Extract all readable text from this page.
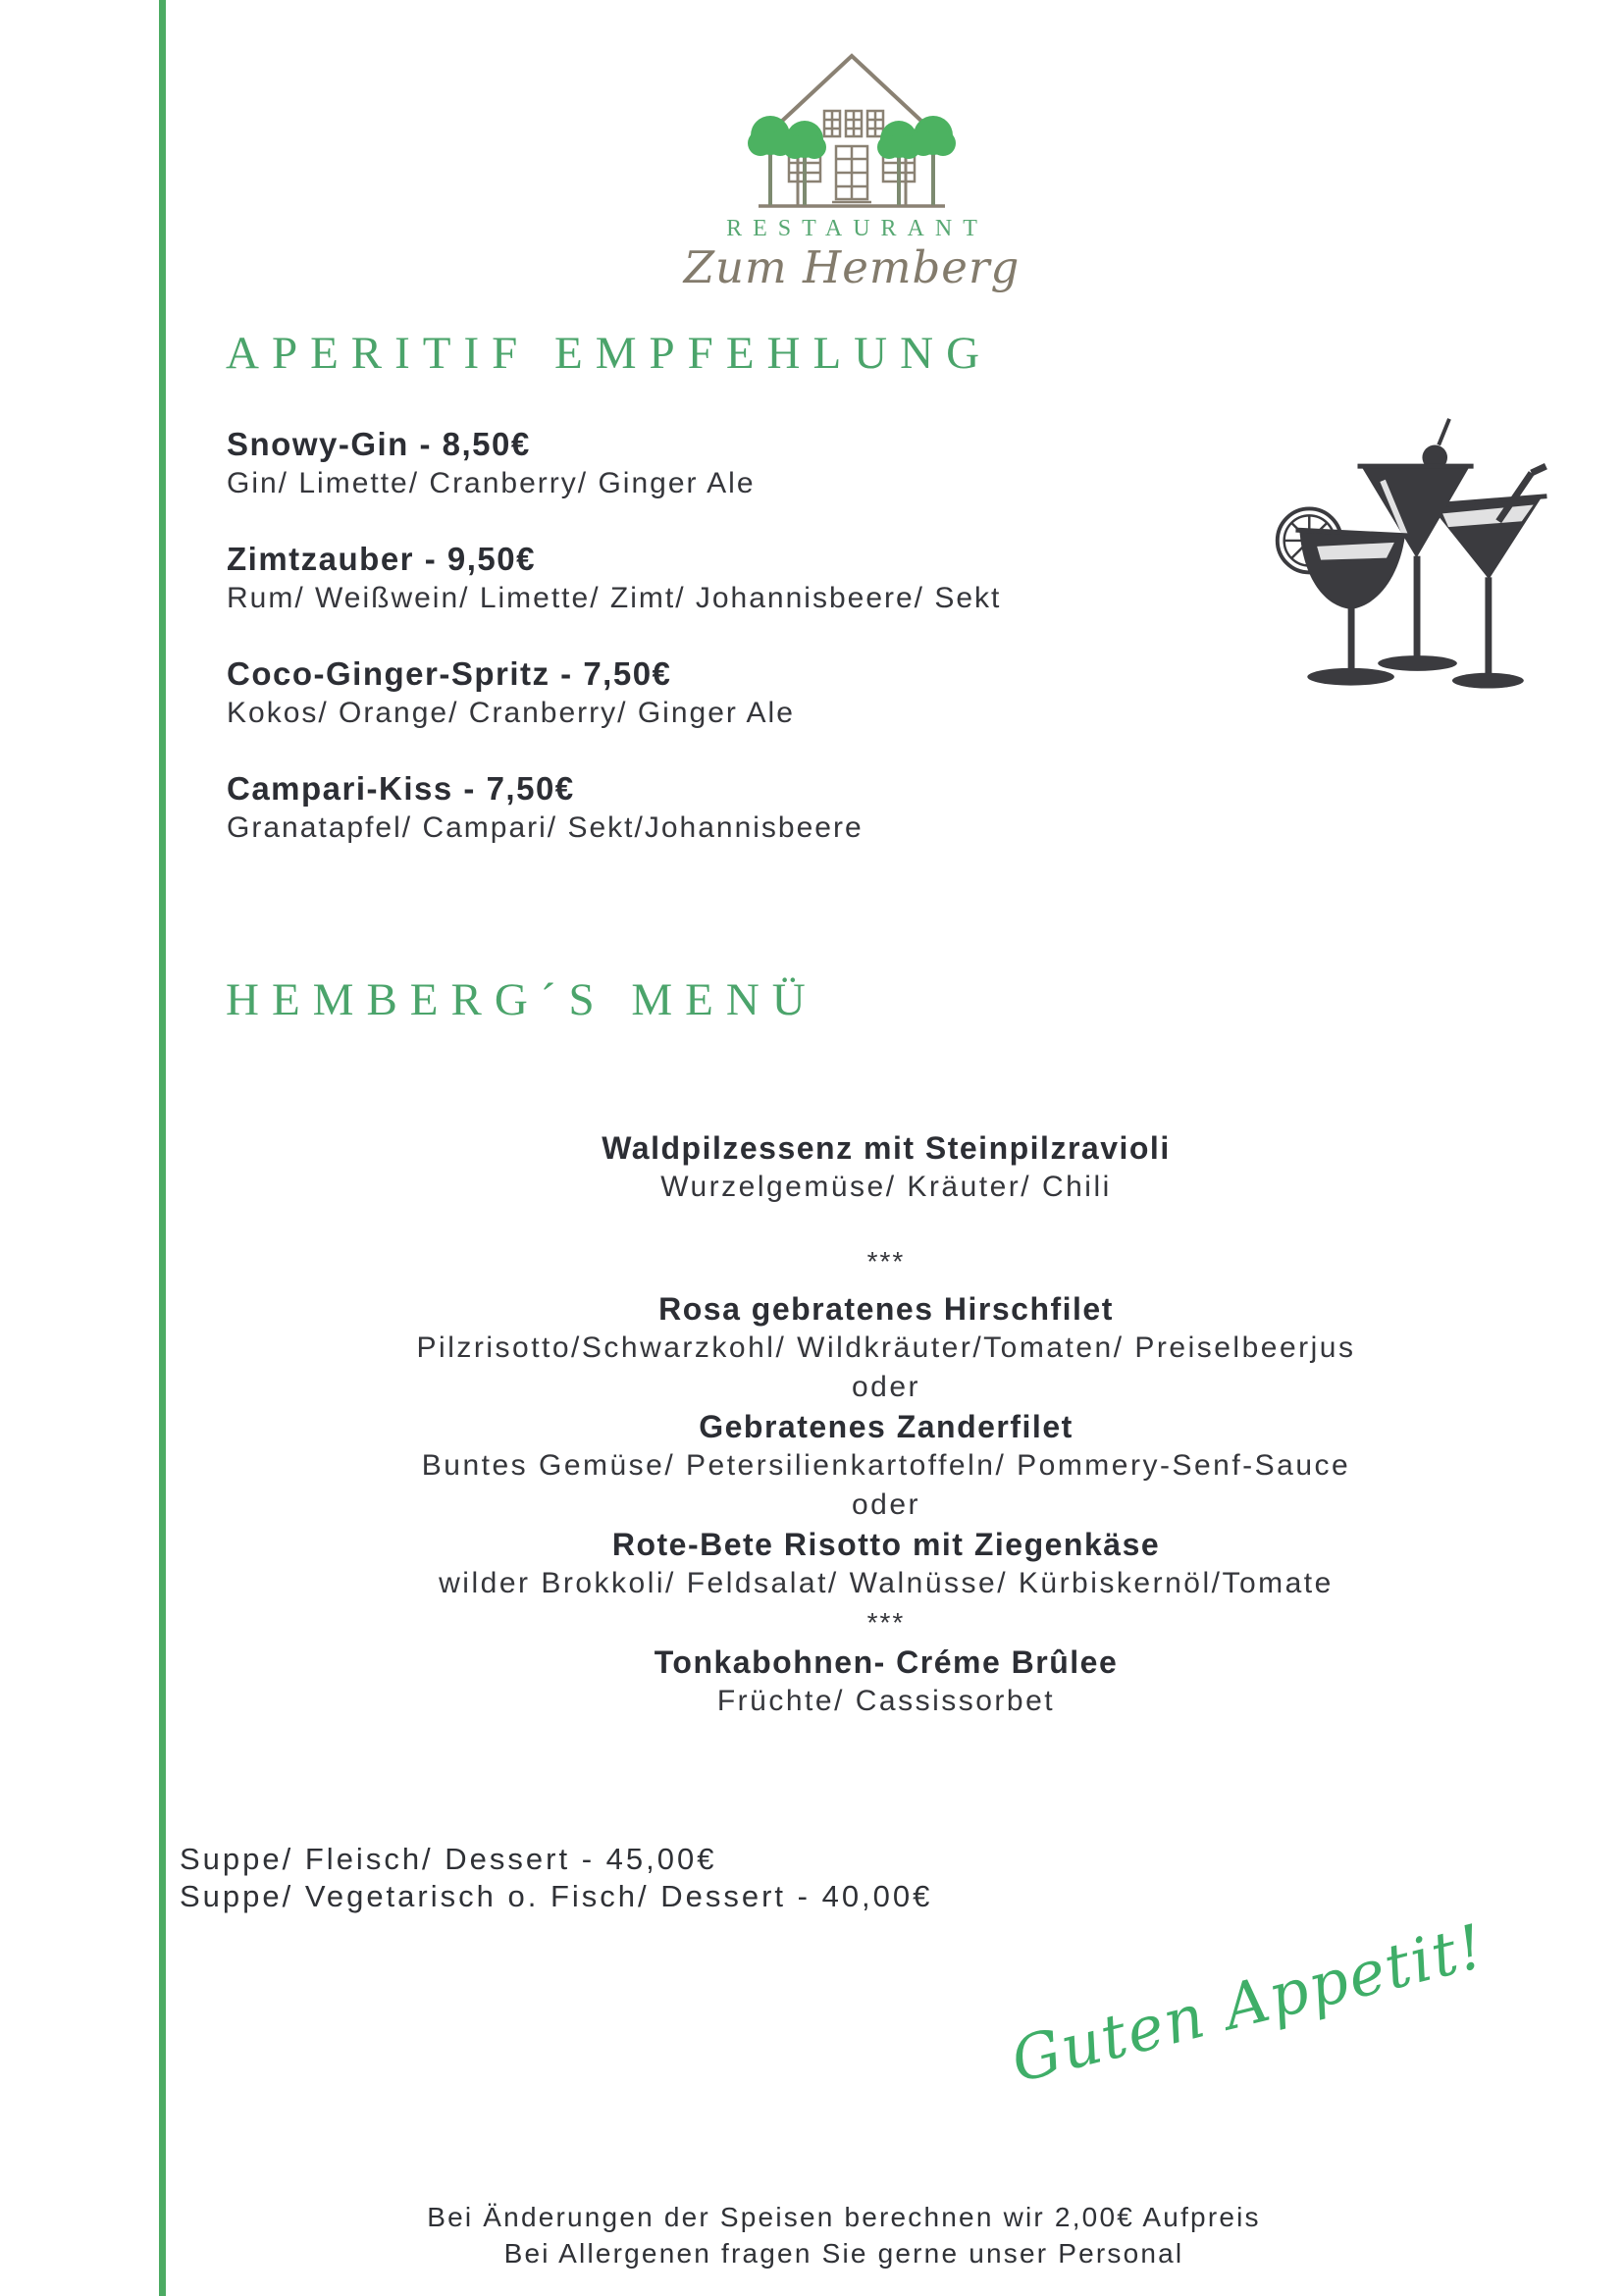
RESTAURANT
Zum Hemberg
APERITIF EMPFEHLUNG
Snowy-Gin - 8,50€
Gin/ Limette/ Cranberry/ Ginger Ale
Zimtzauber - 9,50€
Rum/ Weißwein/ Limette/ Zimt/ Johannisbeere/ Sekt
Coco-Ginger-Spritz - 7,50€
Kokos/ Orange/ Cranberry/ Ginger Ale
Campari-Kiss - 7,50€
Granatapfel/ Campari/ Sekt/Johannisbeere
HEMBERG´S MENÜ
Waldpilzessenz mit Steinpilzravioli
Wurzelgemüse/ Kräuter/ Chili
***
Rosa gebratenes Hirschfilet
Pilzrisotto/Schwarzkohl/ Wildkräuter/Tomaten/ Preiselbeerjus
oder
Gebratenes Zanderfilet
Buntes Gemüse/ Petersilienkartoffeln/ Pommery-Senf-Sauce
oder
Rote-Bete Risotto mit Ziegenkäse
wilder Brokkoli/ Feldsalat/ Walnüsse/ Kürbiskernöl/Tomate
***
Tonkabohnen- Créme Brûlee
Früchte/ Cassissorbet
Suppe/ Fleisch/ Dessert - 45,00€
Suppe/ Vegetarisch o. Fisch/ Dessert - 40,00€
Guten Appetit!
Bei Änderungen der Speisen berechnen wir 2,00€ Aufpreis
Bei Allergenen fragen Sie gerne unser Personal
